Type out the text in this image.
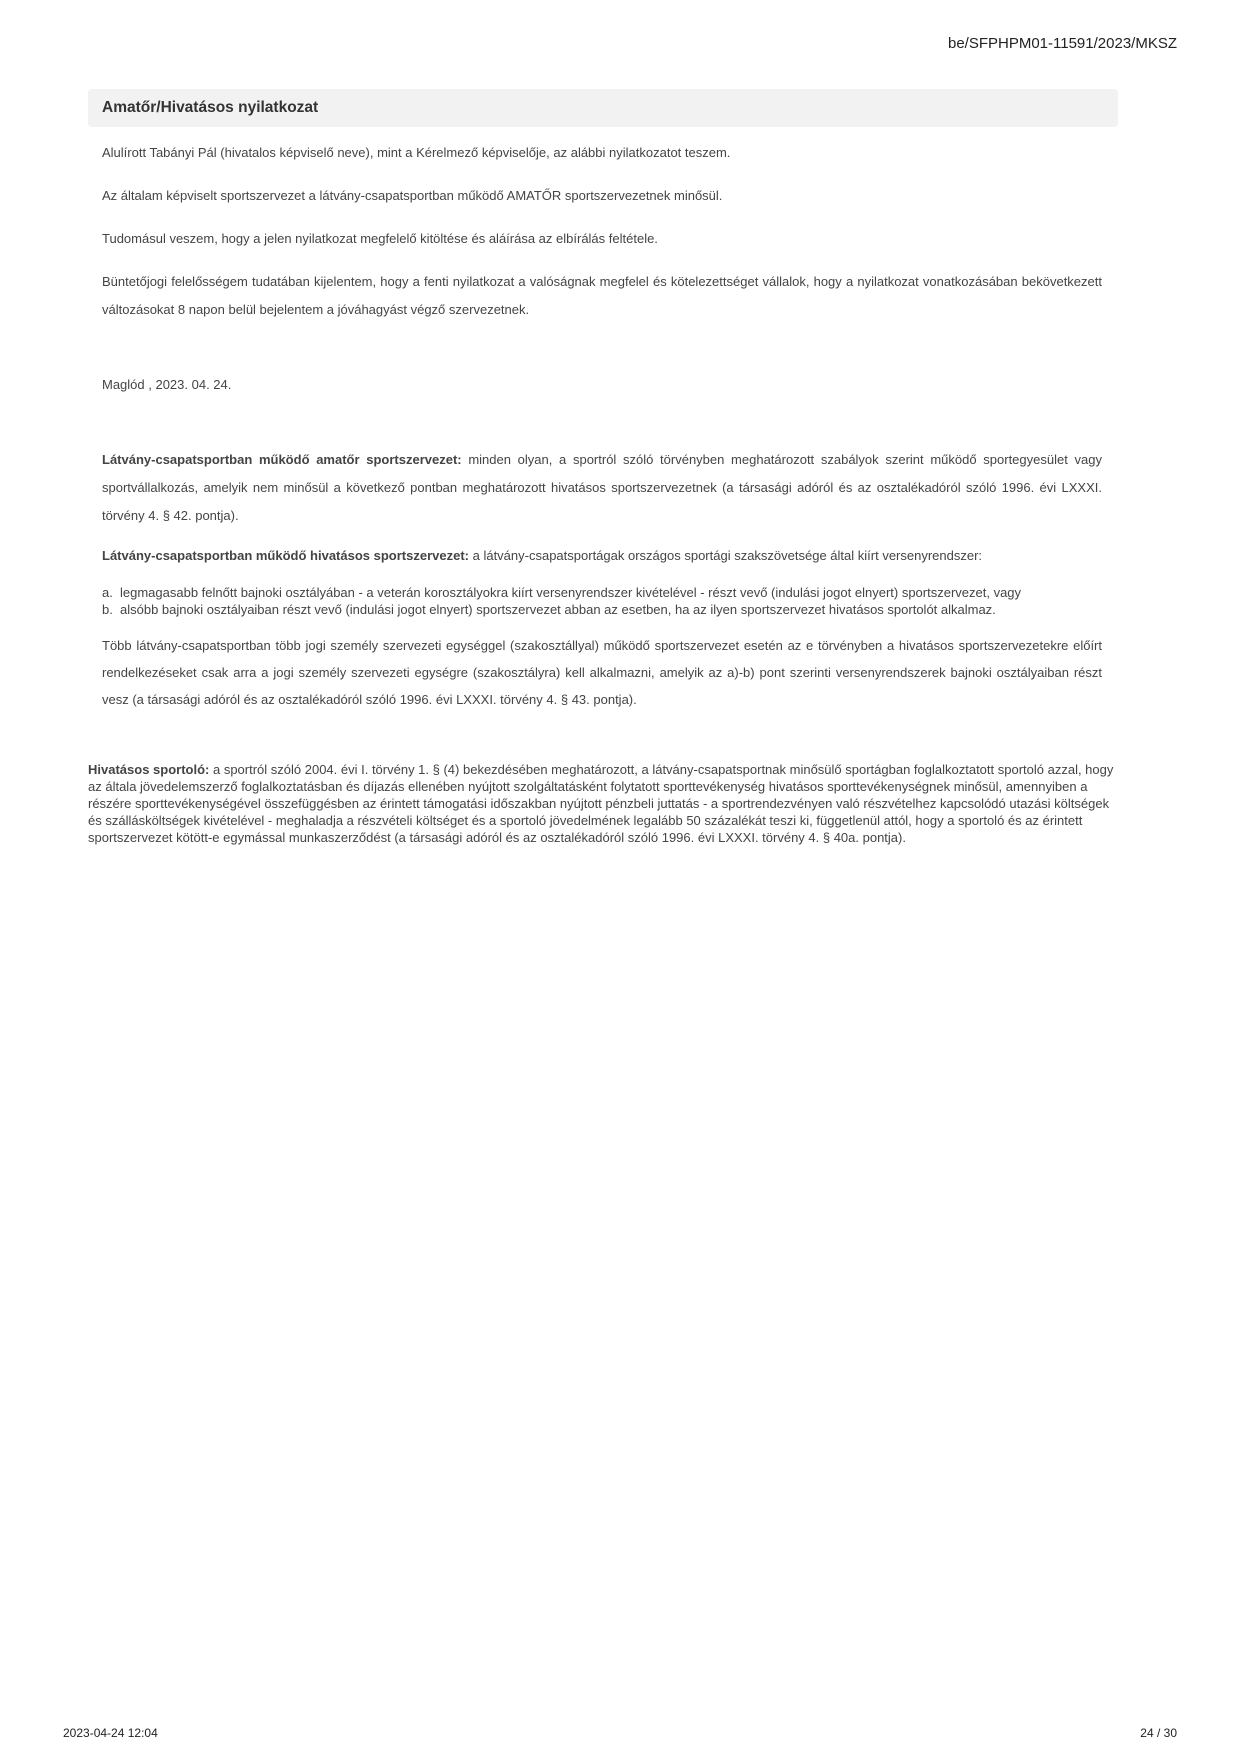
be/SFPHPM01-11591/2023/MKSZ
Amatőr/Hivatásos nyilatkozat

Alulírott Tabányi Pál (hivatalos képviselő neve), mint a Kérelmező képviselője, az alábbi nyilatkozatot teszem.

Az általam képviselt sportszervezet a látvány-csapatsportban működő AMATŐR sportszervezetnek minősül.

Tudomásul veszem, hogy a jelen nyilatkozat megfelelő kitöltése és aláírása az elbírálás feltétele.

Büntetőjogi felelősségem tudatában kijelentem, hogy a fenti nyilatkozat a valóságnak megfelel és kötelezettséget vállalok, hogy a nyilatkozat vonatkozásában bekövetkezett változásokat 8 napon belül bejelentem a jóváhagyást végző szervezetnek.

Maglód , 2023. 04. 24.

Látvány-csapatsportban működő amatőr sportszervezet: minden olyan, a sportról szóló törvényben meghatározott szabályok szerint működő sportegyesület vagy sportvállalkozás, amelyik nem minősül a következő pontban meghatározott hivatásos sportszervezetnek (a társasági adóról és az osztalékadóról szóló 1996. évi LXXXI. törvény 4. § 42. pontja).

Látvány-csapatsportban működő hivatásos sportszervezet: a látvány-csapatsportágak országos sportági szakszövetsége által kiírt versenyrendszer:

a. legmagasabb felnőtt bajnoki osztályában - a veterán korosztályokra kiírt versenyrendszer kivételével - részt vevő (indulási jogot elnyert) sportszervezet, vagy
b. alsóbb bajnoki osztályaiban részt vevő (indulási jogot elnyert) sportszervezet abban az esetben, ha az ilyen sportszervezet hivatásos sportolót alkalmaz.

Több látvány-csapatsportban több jogi személy szervezeti egységgel (szakosztállyal) működő sportszervezet esetén az e törvényben a hivatásos sportszervezetekre előírt rendelkezéseket csak arra a jogi személy szervezeti egységre (szakosztályra) kell alkalmazni, amelyik az a)-b) pont szerinti versenyrendszerek bajnoki osztályaiban részt vesz (a társasági adóról és az osztalékadóról szóló 1996. évi LXXXI. törvény 4. § 43. pontja).

Hivatásos sportoló: a sportról szóló 2004. évi I. törvény 1. § (4) bekezdésében meghatározott, a látvány-csapatsportnak minősülő sportágban foglalkoztatott sportoló azzal, hogy az általa jövedelemszerző foglalkoztatásban és díjazás ellenében nyújtott szolgáltatásként folytatott sporttevékenység hivatásos sporttevékenységnek minősül, amennyiben a részére sporttevékenységével összefüggésben az érintett támogatási időszakban nyújtott pénzbeli juttatás - a sportrendezvényen való részvételhez kapcsolódó utazási költségek és szállásköltségek kivételével - meghaladja a részvételi költséget és a sportoló jövedelmének legalább 50 százalékát teszi ki, függetlenül attól, hogy a sportoló és az érintett sportszervezet kötött-e egymással munkaszerződést (a társasági adóról és az osztalékadóról szóló 1996. évi LXXXI. törvény 4. § 40a. pontja).

2023-04-24 12:04	24 / 30
